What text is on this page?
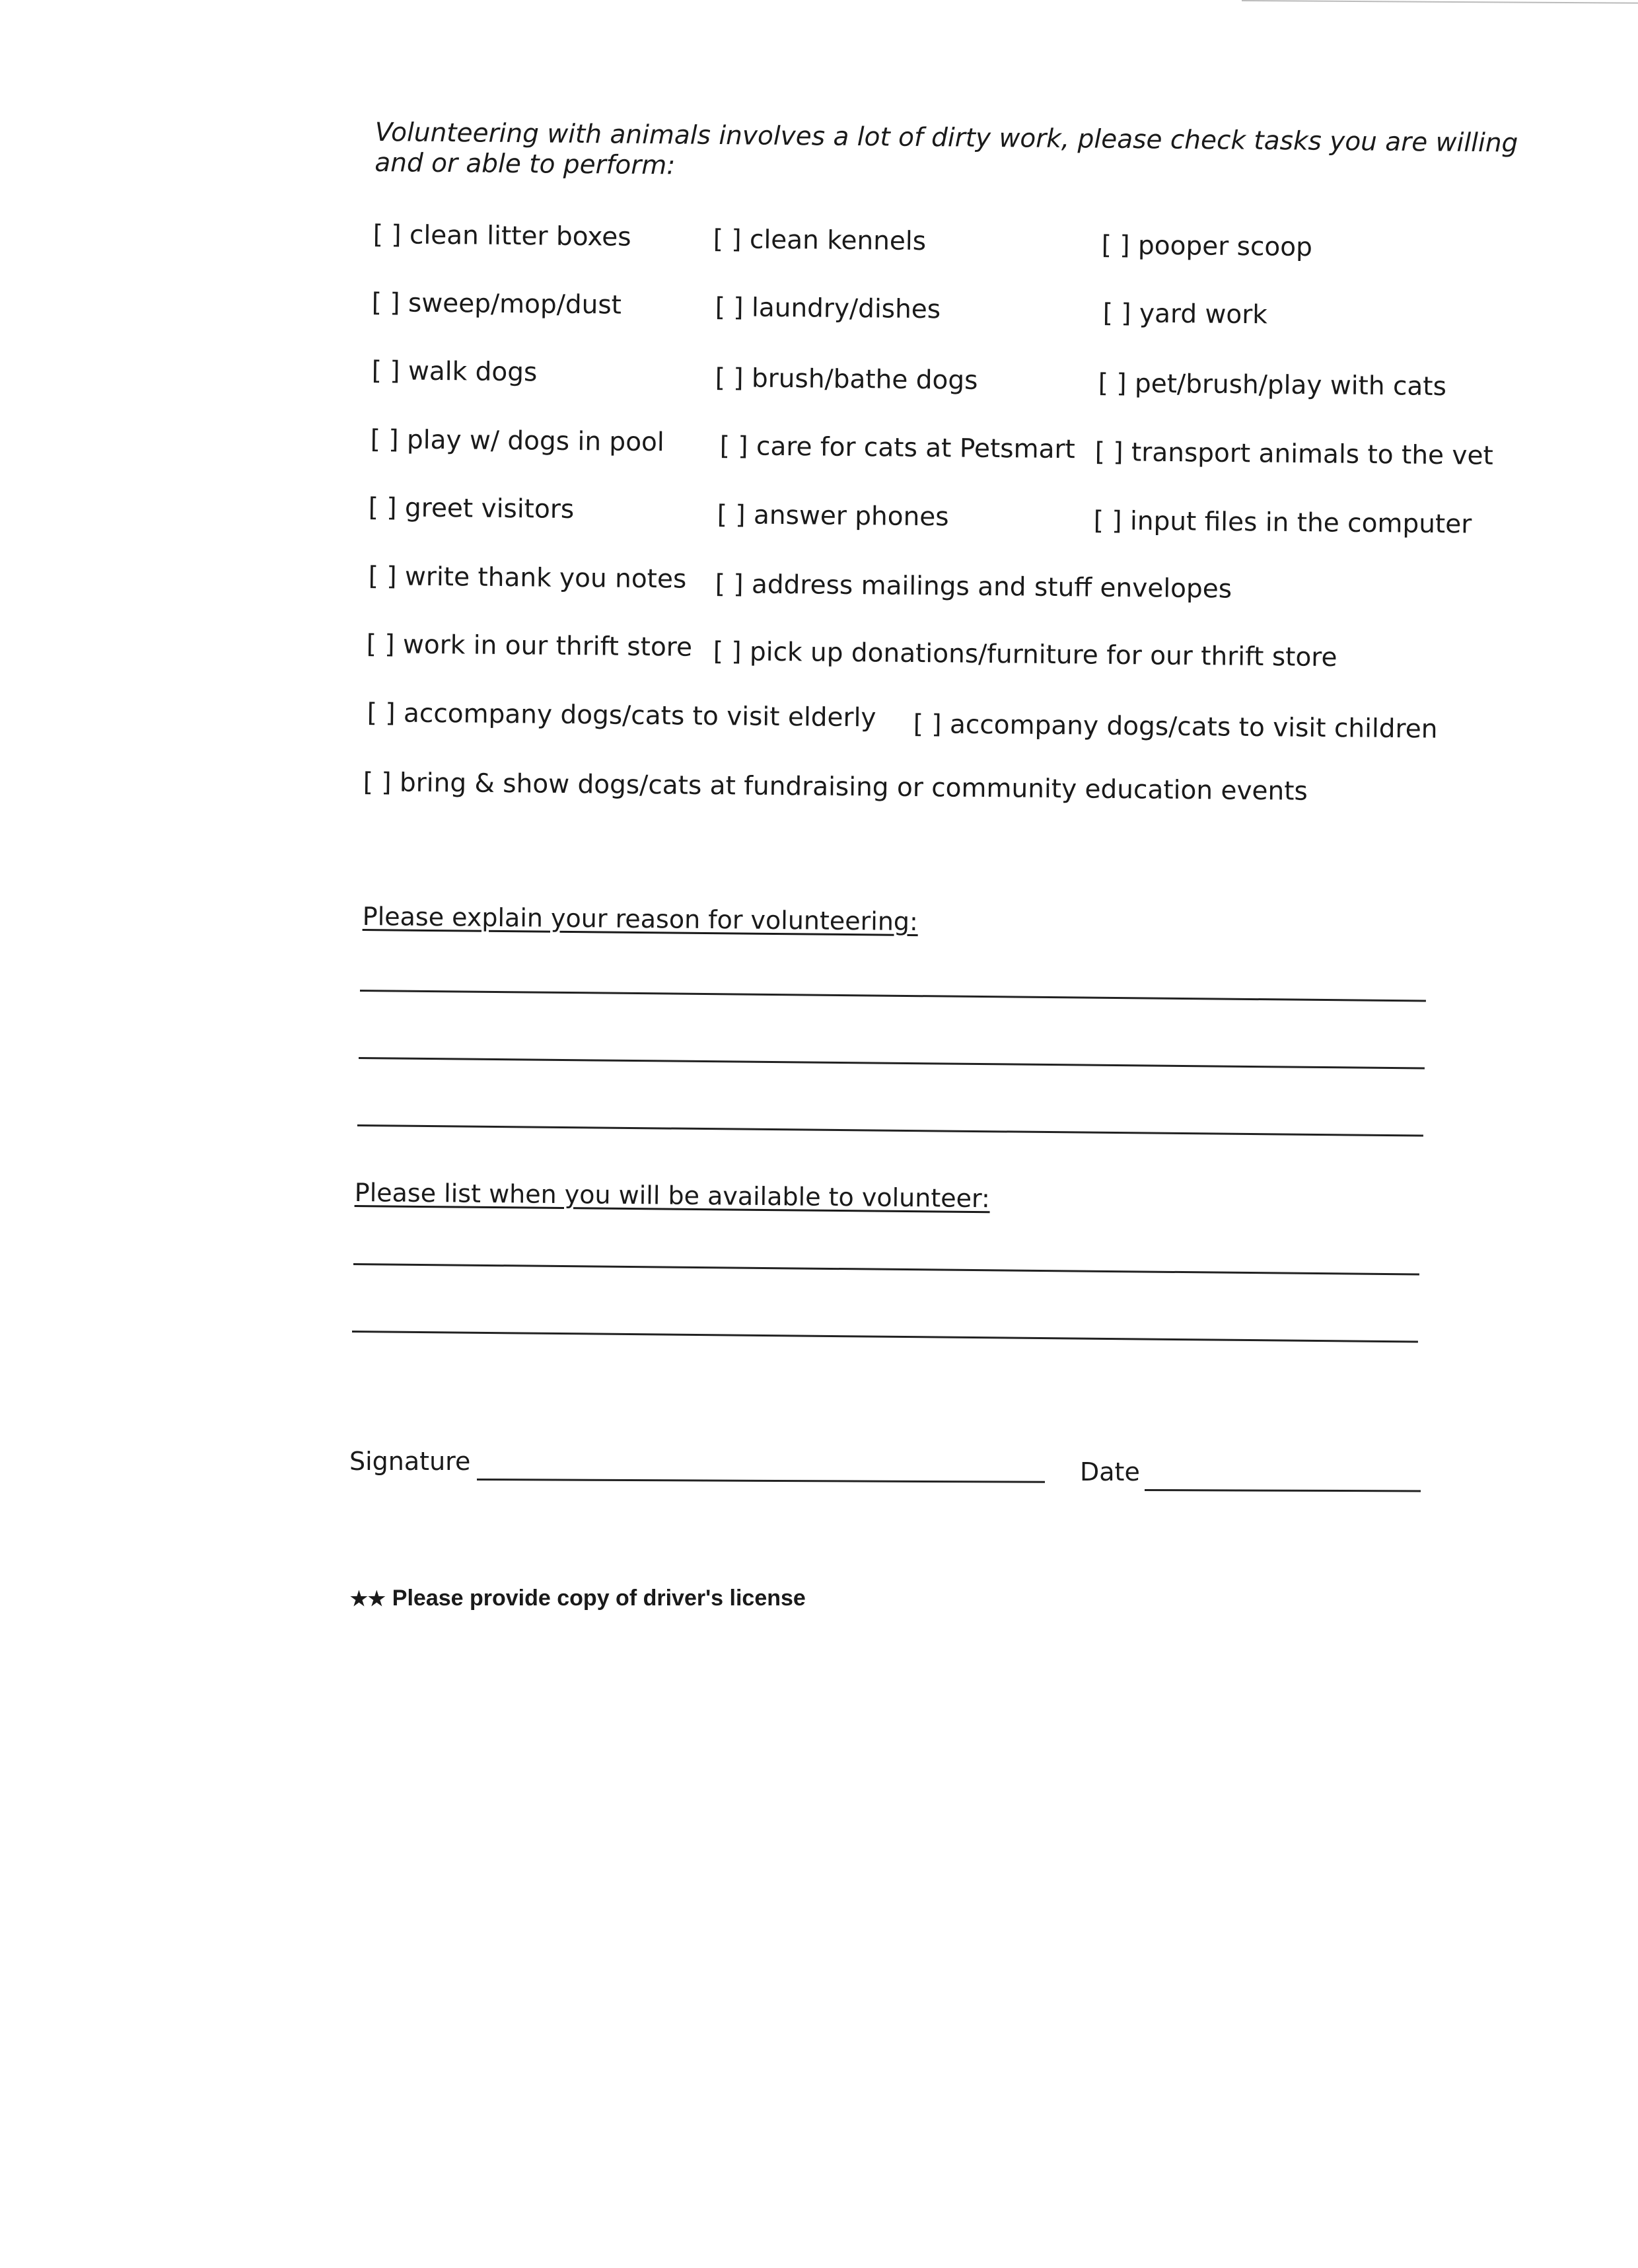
Volunteering with animals involves a lot of dirty work, please check tasks you are willing and or able to perform:

[ ] clean litter boxes	[ ] clean kennels	[ ] pooper scoop
[ ] sweep/mop/dust	[ ] laundry/dishes	[ ] yard work
[ ] walk dogs	[ ] brush/bathe dogs	[ ] pet/brush/play with cats
[ ] play w/ dogs in pool [ ] care for cats at Petsmart [ ] transport animals to the vet
[ ] greet visitors	[ ] answer phones	[ ] input files in the computer
[ ] write thank you notes [ ] address mailings and stuff envelopes
[ ] work in our thrift store [ ] pick up donations/furniture for our thrift store
[ ] accompany dogs/cats to visit elderly [ ] accompany dogs/cats to visit children
[ ] bring & show dogs/cats at fundraising or community education events
Please explain your reason for volunteering:
Please list when you will be available to volunteer:
Signature	Date
★★ Please provide copy of driver's license
